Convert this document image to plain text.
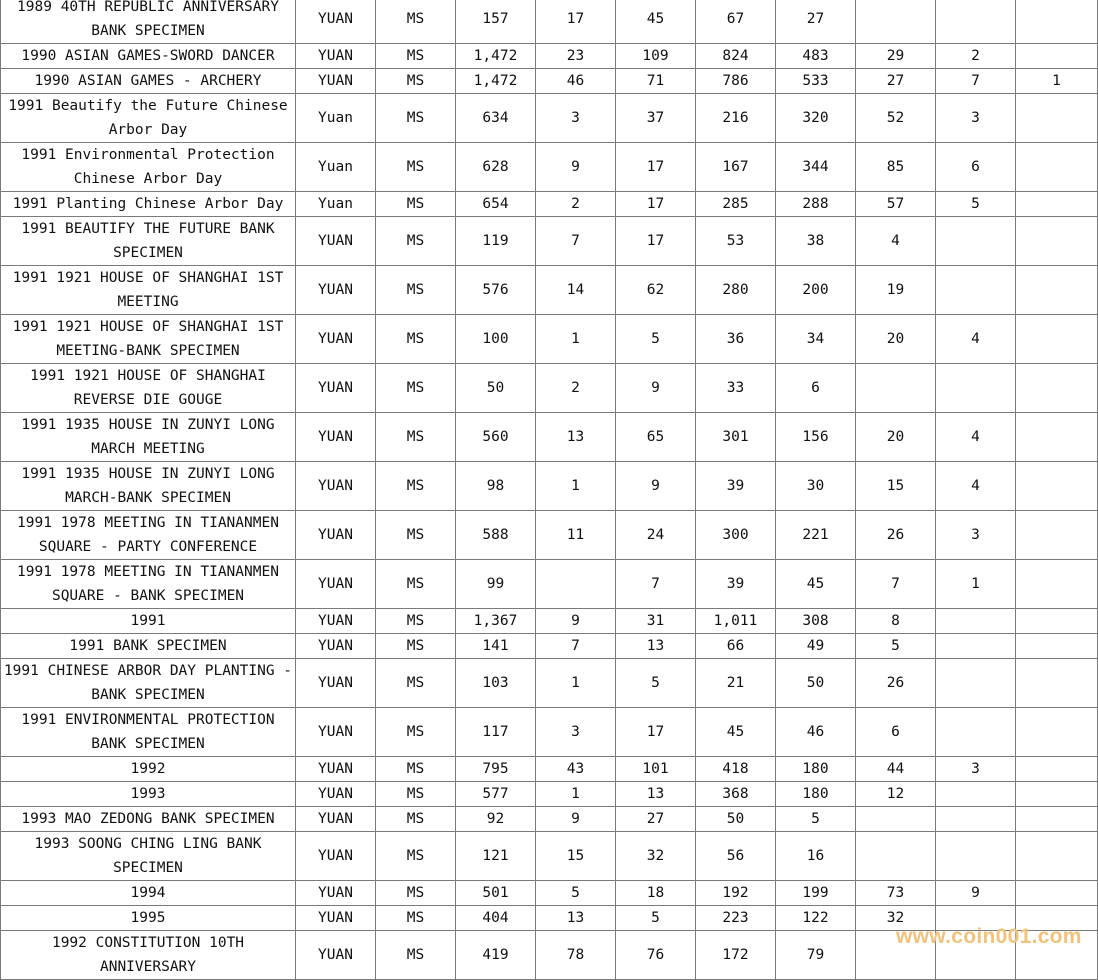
1989 40TH REPUBLIC ANNIVERSARY BANK SPECIMEN	YUAN	MS	157	17	45	67	27			
1990 ASIAN GAMES-SWORD DANCER	YUAN	MS	1,472	23	109	824	483	29	2	
1990 ASIAN GAMES - ARCHERY	YUAN	MS	1,472	46	71	786	533	27	7	1
1991 Beautify the Future Chinese Arbor Day	Yuan	MS	634	3	37	216	320	52	3	
1991 Environmental Protection Chinese Arbor Day	Yuan	MS	628	9	17	167	344	85	6	
1991 Planting Chinese Arbor Day	Yuan	MS	654	2	17	285	288	57	5	
1991 BEAUTIFY THE FUTURE BANK SPECIMEN	YUAN	MS	119	7	17	53	38	4		
1991 1921 HOUSE OF SHANGHAI 1ST MEETING	YUAN	MS	576	14	62	280	200	19		
1991 1921 HOUSE OF SHANGHAI 1ST MEETING-BANK SPECIMEN	YUAN	MS	100	1	5	36	34	20	4	
1991 1921 HOUSE OF SHANGHAI REVERSE DIE GOUGE	YUAN	MS	50	2	9	33	6			
1991 1935 HOUSE IN ZUNYI LONG MARCH MEETING	YUAN	MS	560	13	65	301	156	20	4	
1991 1935 HOUSE IN ZUNYI LONG MARCH-BANK SPECIMEN	YUAN	MS	98	1	9	39	30	15	4	
1991 1978 MEETING IN TIANANMEN SQUARE - PARTY CONFERENCE	YUAN	MS	588	11	24	300	221	26	3	
1991 1978 MEETING IN TIANANMEN SQUARE - BANK SPECIMEN	YUAN	MS	99		7	39	45	7	1	
1991	YUAN	MS	1,367	9	31	1,011	308	8		
1991 BANK SPECIMEN	YUAN	MS	141	7	13	66	49	5		
1991 CHINESE ARBOR DAY PLANTING - BANK SPECIMEN	YUAN	MS	103	1	5	21	50	26		
1991 ENVIRONMENTAL PROTECTION BANK SPECIMEN	YUAN	MS	117	3	17	45	46	6		
1992	YUAN	MS	795	43	101	418	180	44	3	
1993	YUAN	MS	577	1	13	368	180	12		
1993 MAO ZEDONG BANK SPECIMEN	YUAN	MS	92	9	27	50	5			
1993 SOONG CHING LING BANK SPECIMEN	YUAN	MS	121	15	32	56	16			
1994	YUAN	MS	501	5	18	192	199	73	9	
1995	YUAN	MS	404	13	5	223	122	32		
1992 CONSTITUTION 10TH ANNIVERSARY	YUAN	MS	419	78	76	172	79			
www.coin001.com
